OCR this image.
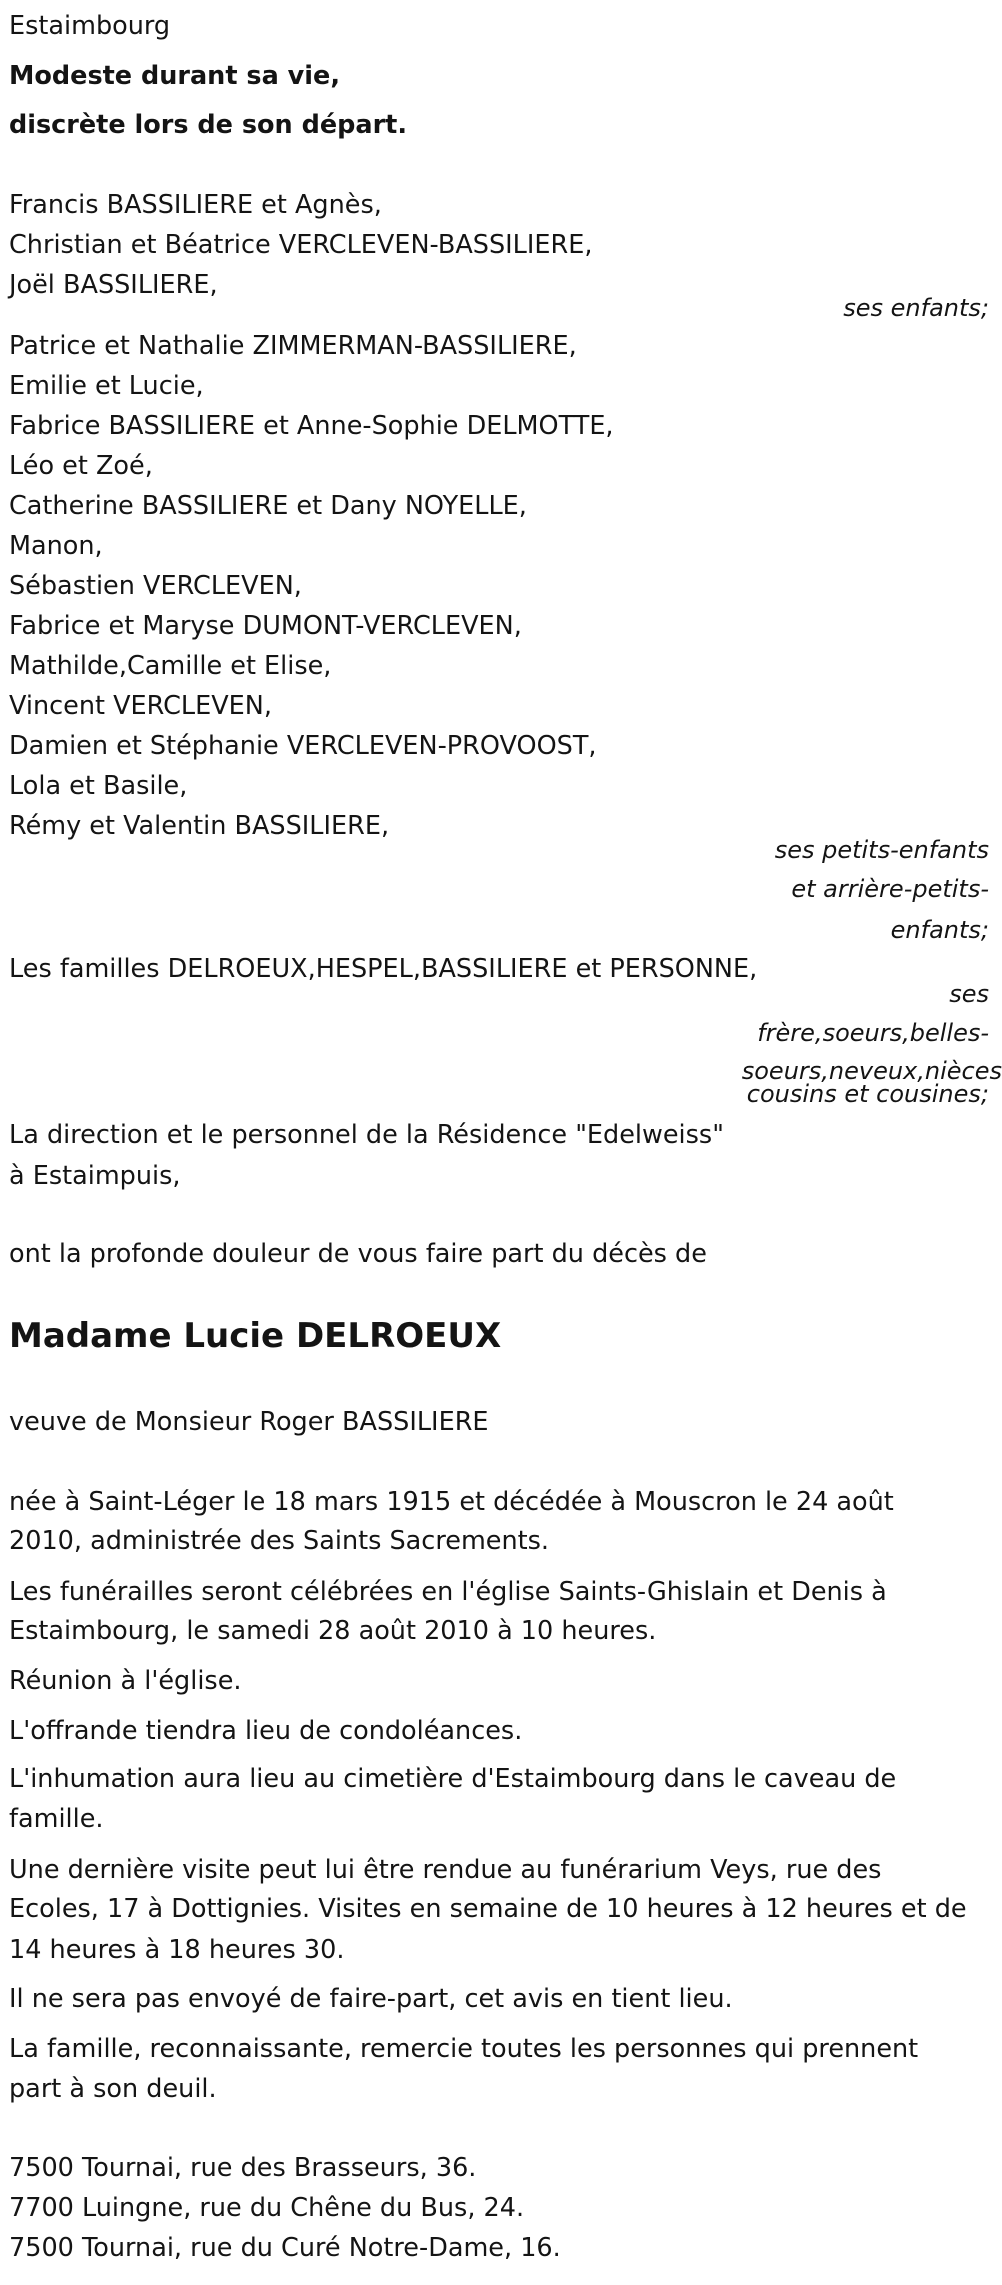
Estaimbourg
Modeste durant sa vie,
discrète lors de son départ.
Francis BASSILIERE et Agnès,
Christian et Béatrice VERCLEVEN-BASSILIERE,
Joël BASSILIERE,
ses enfants;
Patrice et Nathalie ZIMMERMAN-BASSILIERE,
Emilie et Lucie,
Fabrice BASSILIERE et Anne-Sophie DELMOTTE,
Léo et Zoé,
Catherine BASSILIERE et Dany NOYELLE,
Manon,
Sébastien VERCLEVEN,
Fabrice et Maryse DUMONT-VERCLEVEN,
Mathilde,Camille et Elise,
Vincent VERCLEVEN,
Damien et Stéphanie VERCLEVEN-PROVOOST,
Lola et Basile,
Rémy et Valentin BASSILIERE,
ses petits-enfants
et arrière-petits-
enfants;
Les familles DELROEUX,HESPEL,BASSILIERE et PERSONNE,
ses
frère,soeurs,belles-
soeurs,neveux,nièces
cousins et cousines;
La direction et le personnel de la Résidence "Edelweiss"
à Estaimpuis,
ont la profonde douleur de vous faire part du décès de
Madame Lucie DELROEUX
veuve de Monsieur Roger BASSILIERE
née à Saint-Léger le 18 mars 1915 et décédée à Mouscron le 24 août
2010, administrée des Saints Sacrements.
Les funérailles seront célébrées en l'église Saints-Ghislain et Denis à
Estaimbourg, le samedi 28 août 2010 à 10 heures.
Réunion à l'église.
L'offrande tiendra lieu de condoléances.
L'inhumation aura lieu au cimetière d'Estaimbourg dans le caveau de
famille.
Une dernière visite peut lui être rendue au funérarium Veys, rue des
Ecoles, 17 à Dottignies. Visites en semaine de 10 heures à 12 heures et de
14 heures à 18 heures 30.
Il ne sera pas envoyé de faire-part, cet avis en tient lieu.
La famille, reconnaissante, remercie toutes les personnes qui prennent
part à son deuil.
7500 Tournai, rue des Brasseurs, 36.
7700 Luingne, rue du Chêne du Bus, 24.
7500 Tournai, rue du Curé Notre-Dame, 16.
